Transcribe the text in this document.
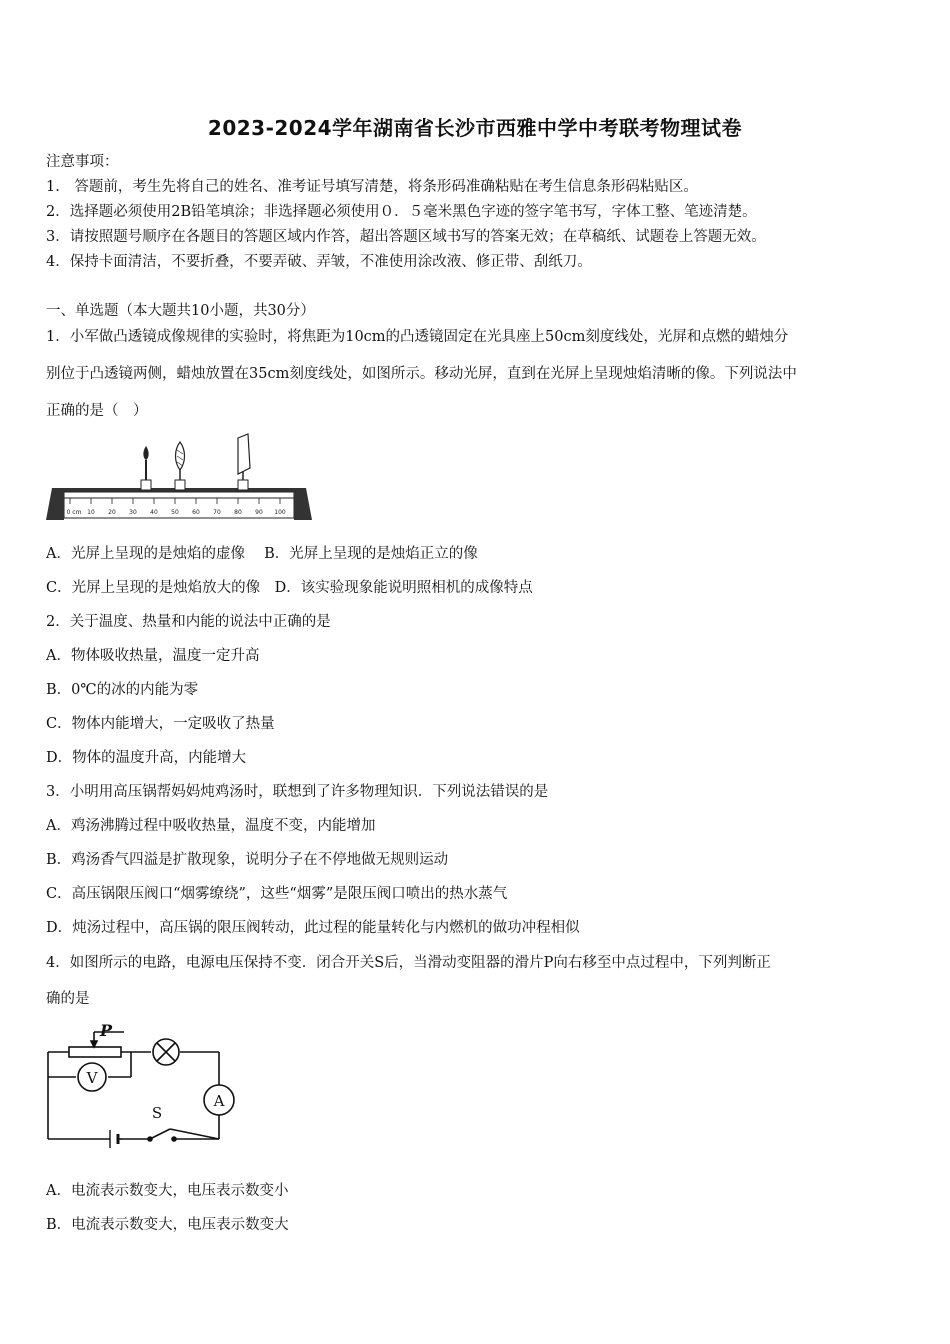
2023-2024学年湖南省长沙市西雅中学中考联考物理试卷
注意事项：
1.　答题前，考生先将自己的姓名、准考证号填写清楚，将条形码准确粘贴在考生信息条形码粘贴区。
2．选择题必须使用2B铅笔填涂；非选择题必须使用０．５毫米黑色字迹的签字笔书写，字体工整、笔迹清楚。
3．请按照题号顺序在各题目的答题区域内作答，超出答题区域书写的答案无效；在草稿纸、试题卷上答题无效。
4．保持卡面清洁，不要折叠，不要弄破、弄皱，不准使用涂改液、修正带、刮纸刀。
一、单选题（本大题共10小题，共30分）
1．小军做凸透镜成像规律的实验时，将焦距为10cm的凸透镜固定在光具座上50cm刻度线处，光屏和点燃的蜡烛分
别位于凸透镜两侧，蜡烛放置在35cm刻度线处，如图所示。移动光屏，直到在光屏上呈现烛焰清晰的像。下列说法中
正确的是（　）
0 cm 10 20 30 40 50 60 70 80 90 100
A．光屏上呈现的是烛焰的虚像　 B．光屏上呈现的是烛焰正立的像
C．光屏上呈现的是烛焰放大的像　D．该实验现象能说明照相机的成像特点
2．关于温度、热量和内能的说法中正确的是
A．物体吸收热量，温度一定升高
B．0℃的冰的内能为零
C．物体内能增大，一定吸收了热量
D．物体的温度升高，内能增大
3．小明用高压锅帮妈妈炖鸡汤时，联想到了许多物理知识．下列说法错误的是
A．鸡汤沸腾过程中吸收热量，温度不变，内能增加
B．鸡汤香气四溢是扩散现象，说明分子在不停地做无规则运动
C．高压锅限压阀口“烟雾缭绕”，这些“烟雾”是限压阀口喷出的热水蒸气
D．炖汤过程中，高压锅的限压阀转动，此过程的能量转化与内燃机的做功冲程相似
4．如图所示的电路，电源电压保持不变．闭合开关S后，当滑动变阻器的滑片P向右移至中点过程中，下列判断正
确的是
P
V
A
S
A．电流表示数变大，电压表示数变小
B．电流表示数变大，电压表示数变大
